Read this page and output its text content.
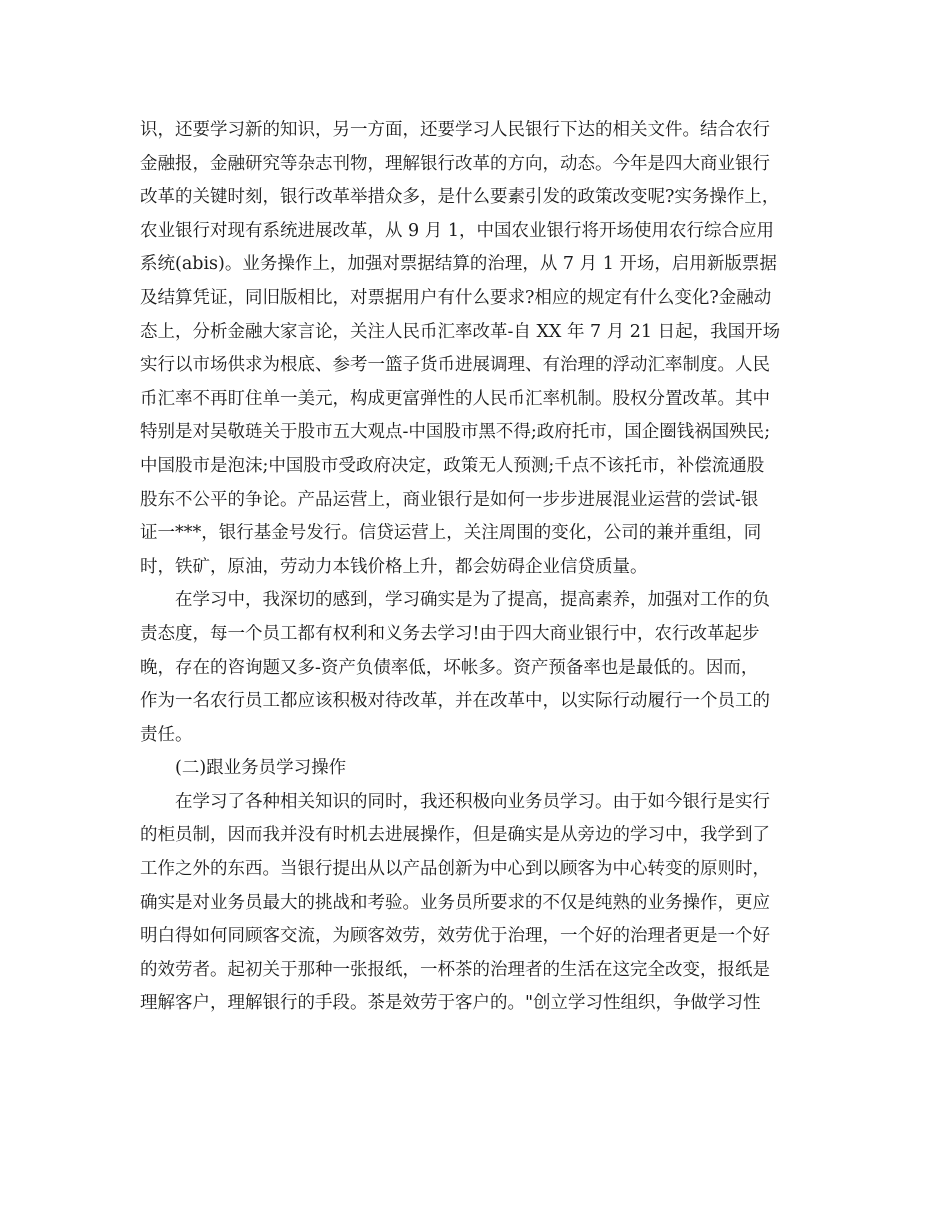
识，还要学习新的知识，另一方面，还要学习人民银行下达的相关文件。结合农行
金融报，金融研究等杂志刊物，理解银行改革的方向，动态。今年是四大商业银行
改革的关键时刻，银行改革举措众多，是什么要素引发的政策改变呢?实务操作上，
农业银行对现有系统进展改革，从 9 月 1，中国农业银行将开场使用农行综合应用
系统(abis)。业务操作上，加强对票据结算的治理，从 7 月 1 开场，启用新版票据
及结算凭证，同旧版相比，对票据用户有什么要求?相应的规定有什么变化?金融动
态上，分析金融大家言论，关注人民币汇率改革-自 XX 年 7 月 21 日起，我国开场
实行以市场供求为根底、参考一篮子货币进展调理、有治理的浮动汇率制度。人民
币汇率不再盯住单一美元，构成更富弹性的人民币汇率机制。股权分置改革。其中
特别是对吴敬琏关于股市五大观点-中国股市黑不得;政府托市，国企圈钱祸国殃民;
中国股市是泡沫;中国股市受政府决定，政策无人预测;千点不该托市，补偿流通股
股东不公平的争论。产品运营上，商业银行是如何一步步进展混业运营的尝试-银
证一***，银行基金号发行。信贷运营上，关注周围的变化，公司的兼并重组，同
时，铁矿，原油，劳动力本钱价格上升，都会妨碍企业信贷质量。
在学习中，我深切的感到，学习确实是为了提高，提高素养，加强对工作的负
责态度，每一个员工都有权利和义务去学习!由于四大商业银行中，农行改革起步
晚，存在的咨询题又多-资产负债率低，坏帐多。资产预备率也是最低的。因而，
作为一名农行员工都应该积极对待改革，并在改革中，以实际行动履行一个员工的
责任。
(二)跟业务员学习操作
在学习了各种相关知识的同时，我还积极向业务员学习。由于如今银行是实行
的柜员制，因而我并没有时机去进展操作，但是确实是从旁边的学习中，我学到了
工作之外的东西。当银行提出从以产品创新为中心到以顾客为中心转变的原则时，
确实是对业务员最大的挑战和考验。业务员所要求的不仅是纯熟的业务操作，更应
明白得如何同顾客交流，为顾客效劳，效劳优于治理，一个好的治理者更是一个好
的效劳者。起初关于那种一张报纸，一杯茶的治理者的生活在这完全改变，报纸是
理解客户，理解银行的手段。茶是效劳于客户的。"创立学习性组织，争做学习性
